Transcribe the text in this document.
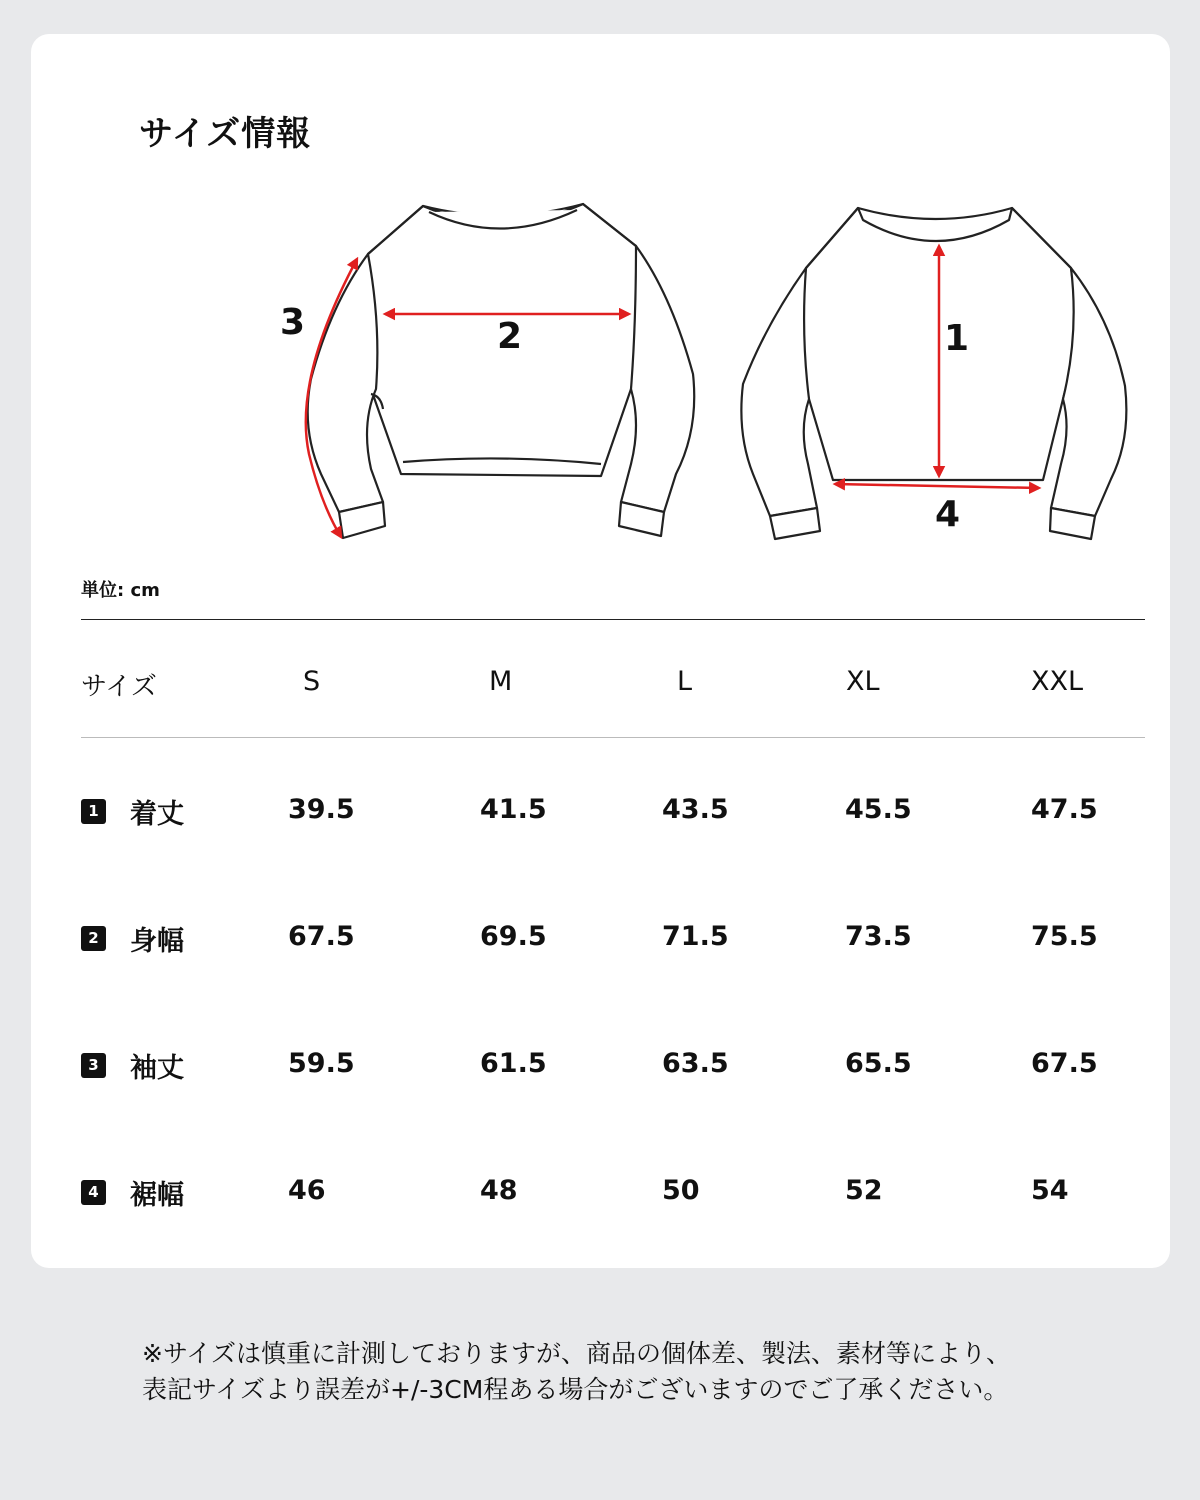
サイズ情報
3	2	1
4
単位: cm
サイズ	S	M	L	XL	XXL
1 着丈	39.5	41.5	43.5	45.5	47.5
2 身幅	67.5	69.5	71.5	73.5	75.5
3 袖丈	59.5	61.5	63.5	65.5	67.5
4 裾幅	46	48	50	52	54
※サイズは慎重に計測しておりますが、商品の個体差、製法、素材等により、
表記サイズより誤差が+/-3CM程ある場合がございますのでご了承ください。
